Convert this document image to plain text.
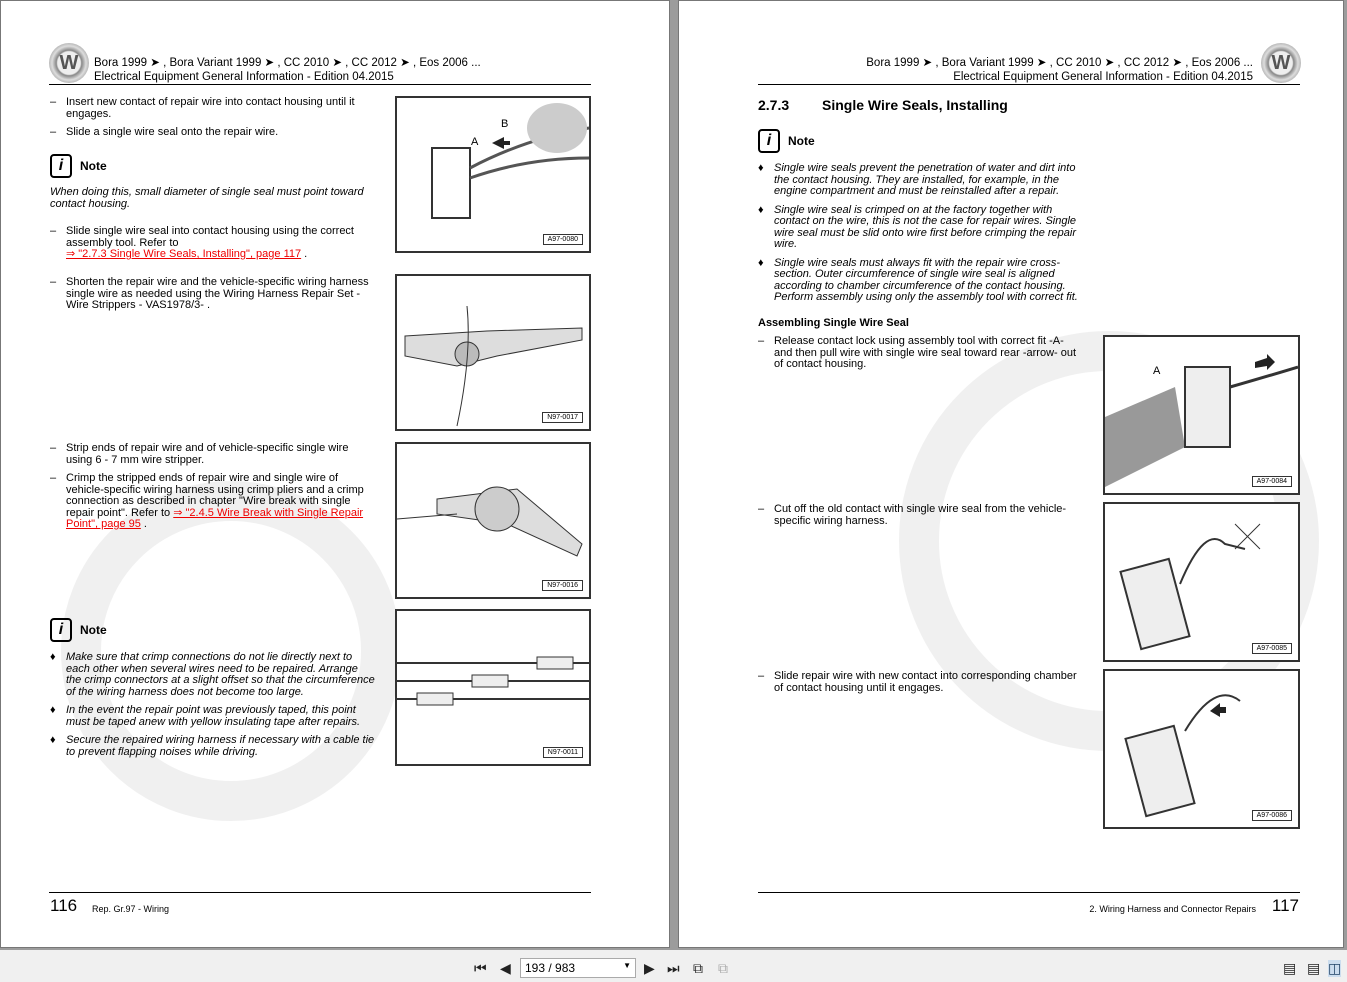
W	Bora 1999 ➤ , Bora Variant 1999 ➤ , CC 2010 ➤ , CC 2012 ➤ , Eos 2006 ...
Electrical Equipment General Information - Edition 04.2015
– Insert new contact of repair wire into contact housing until it engages.
– Slide a single wire seal onto the repair wire.
i	Note
When doing this, small diameter of single seal must point toward contact housing.
– Slide single wire seal into contact housing using the correct assembly tool. Refer to
⇒ "2.7.3 Single Wire Seals, Installing", page 117 .
– Shorten the repair wire and the vehicle-specific wiring harness single wire as needed using the Wiring Harness Repair Set - Wire Strippers - VAS1978/3- .
– Strip ends of repair wire and of vehicle-specific single wire using 6 - 7 mm wire stripper.
– Crimp the stripped ends of repair wire and single wire of vehicle-specific wiring harness using crimp pliers and a crimp connection as described in chapter "Wire break with single repair point". Refer to ⇒ "2.4.5 Wire Break with Single Repair Point", page 95 .
i	Note
♦ Make sure that crimp connections do not lie directly next to each other when several wires need to be repaired. Arrange the crimp connectors at a slight offset so that the circumference of the wiring harness does not become too large.
♦ In the event the repair point was previously taped, this point must be taped anew with yellow insulating tape after repairs.
♦ Secure the repaired wiring harness if necessary with a cable tie to prevent flapping noises while driving.
A
B
A97-0080
N97-0017
N97-0016
N97-0011
116 Rep. Gr.97 - Wiring
W
Bora 1999 ➤ , Bora Variant 1999 ➤ , CC 2010 ➤ , CC 2012 ➤ , Eos 2006 ...
Electrical Equipment General Information - Edition 04.2015
2.7.3 Single Wire Seals, Installing
i	Note
♦ Single wire seals prevent the penetration of water and dirt into the contact housing. They are installed, for example, in the engine compartment and must be reinstalled after a repair.
♦ Single wire seal is crimped on at the factory together with contact on the wire, this is not the case for repair wires. Single wire seal must be slid onto wire first before crimping the repair wire.
♦ Single wire seals must always fit with the repair wire cross-section. Outer circumference of single wire seal is aligned according to chamber circumference of the contact housing. Perform assembly using only the assembly tool with correct fit.
Assembling Single Wire Seal
– Release contact lock using assembly tool with correct fit -A- and then pull wire with single wire seal toward rear -arrow- out of contact housing.
– Cut off the old contact with single wire seal from the vehicle-specific wiring harness.
– Slide repair wire with new contact into corresponding chamber of contact housing until it engages.
A
A97-0084
A97-0085
A97-0086
2. Wiring Harness and Connector Repairs 117
⏮ ◀	193 / 983	▼ ▶ ⏭ ⧉ ⧉	▤ ▤ ◫
